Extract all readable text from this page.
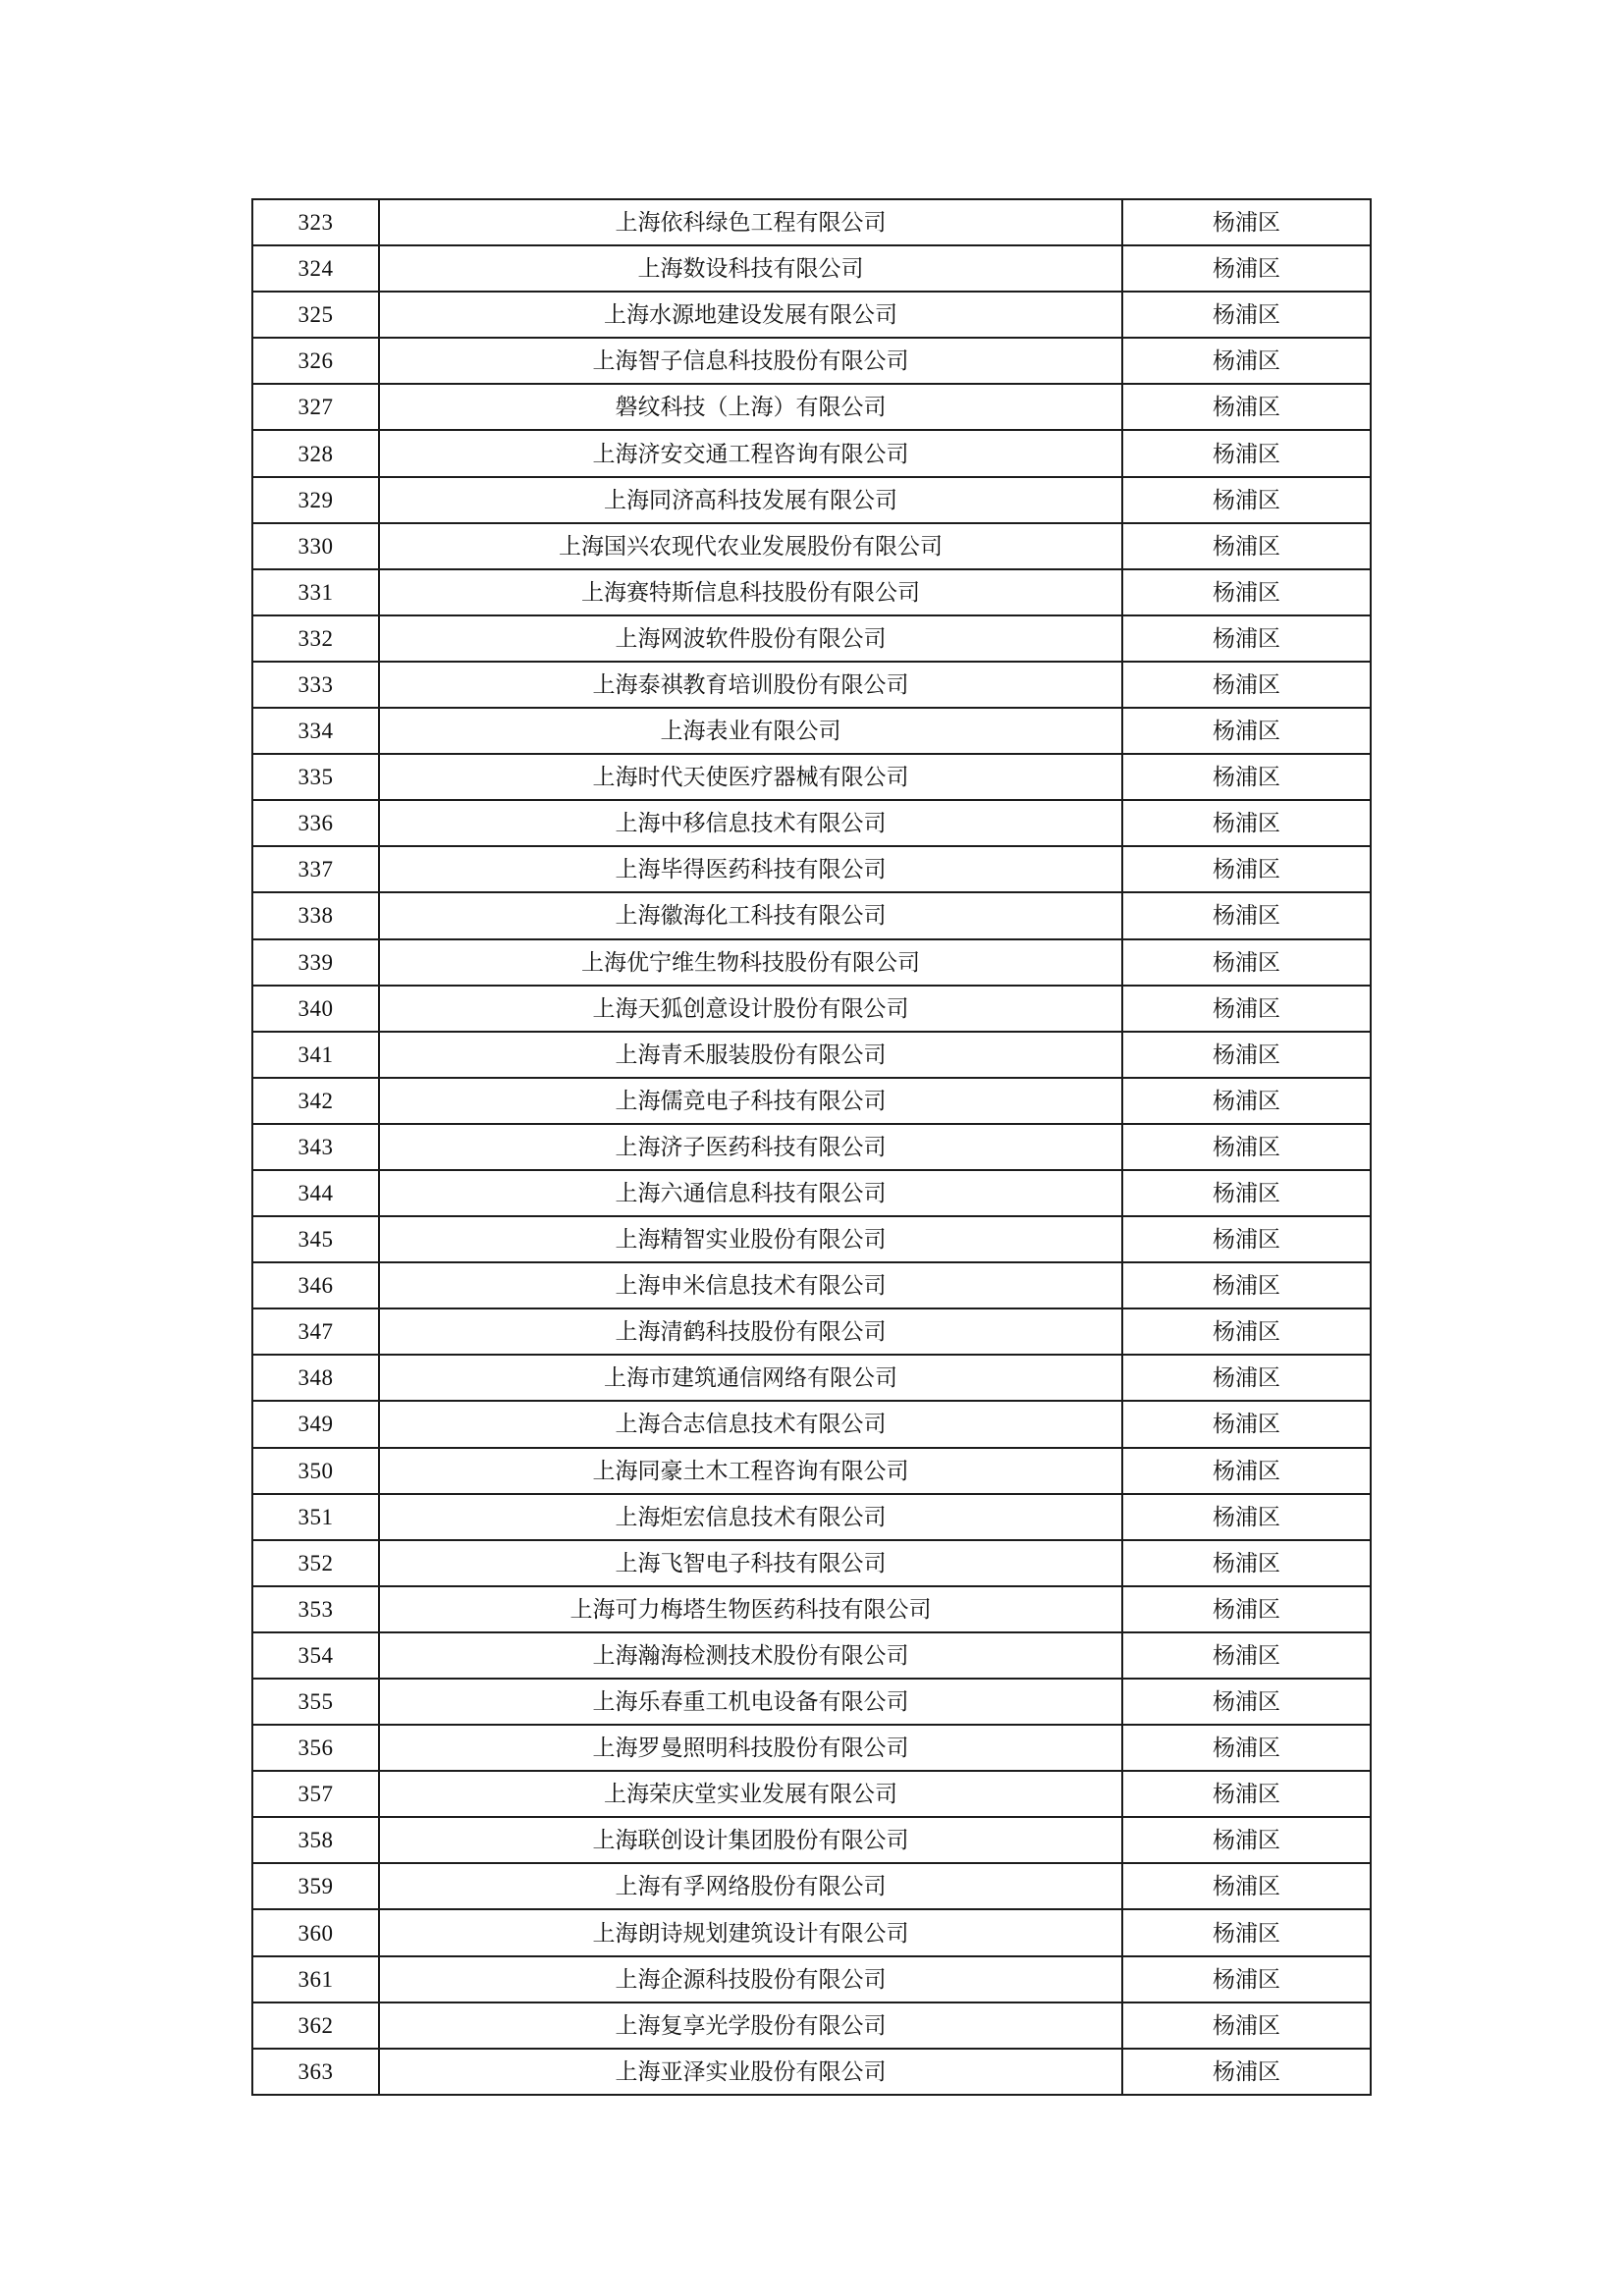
323	上海依科绿色工程有限公司	杨浦区
324	上海数设科技有限公司	杨浦区
325	上海水源地建设发展有限公司	杨浦区
326	上海智子信息科技股份有限公司	杨浦区
327	磐纹科技（上海）有限公司	杨浦区
328	上海济安交通工程咨询有限公司	杨浦区
329	上海同济高科技发展有限公司	杨浦区
330	上海国兴农现代农业发展股份有限公司	杨浦区
331	上海赛特斯信息科技股份有限公司	杨浦区
332	上海网波软件股份有限公司	杨浦区
333	上海泰祺教育培训股份有限公司	杨浦区
334	上海表业有限公司	杨浦区
335	上海时代天使医疗器械有限公司	杨浦区
336	上海中移信息技术有限公司	杨浦区
337	上海毕得医药科技有限公司	杨浦区
338	上海徽海化工科技有限公司	杨浦区
339	上海优宁维生物科技股份有限公司	杨浦区
340	上海天狐创意设计股份有限公司	杨浦区
341	上海青禾服装股份有限公司	杨浦区
342	上海儒竞电子科技有限公司	杨浦区
343	上海济子医药科技有限公司	杨浦区
344	上海六通信息科技有限公司	杨浦区
345	上海精智实业股份有限公司	杨浦区
346	上海申米信息技术有限公司	杨浦区
347	上海清鹤科技股份有限公司	杨浦区
348	上海市建筑通信网络有限公司	杨浦区
349	上海合志信息技术有限公司	杨浦区
350	上海同豪土木工程咨询有限公司	杨浦区
351	上海炬宏信息技术有限公司	杨浦区
352	上海飞智电子科技有限公司	杨浦区
353	上海可力梅塔生物医药科技有限公司	杨浦区
354	上海瀚海检测技术股份有限公司	杨浦区
355	上海乐春重工机电设备有限公司	杨浦区
356	上海罗曼照明科技股份有限公司	杨浦区
357	上海荣庆堂实业发展有限公司	杨浦区
358	上海联创设计集团股份有限公司	杨浦区
359	上海有孚网络股份有限公司	杨浦区
360	上海朗诗规划建筑设计有限公司	杨浦区
361	上海企源科技股份有限公司	杨浦区
362	上海复享光学股份有限公司	杨浦区
363	上海亚泽实业股份有限公司	杨浦区
